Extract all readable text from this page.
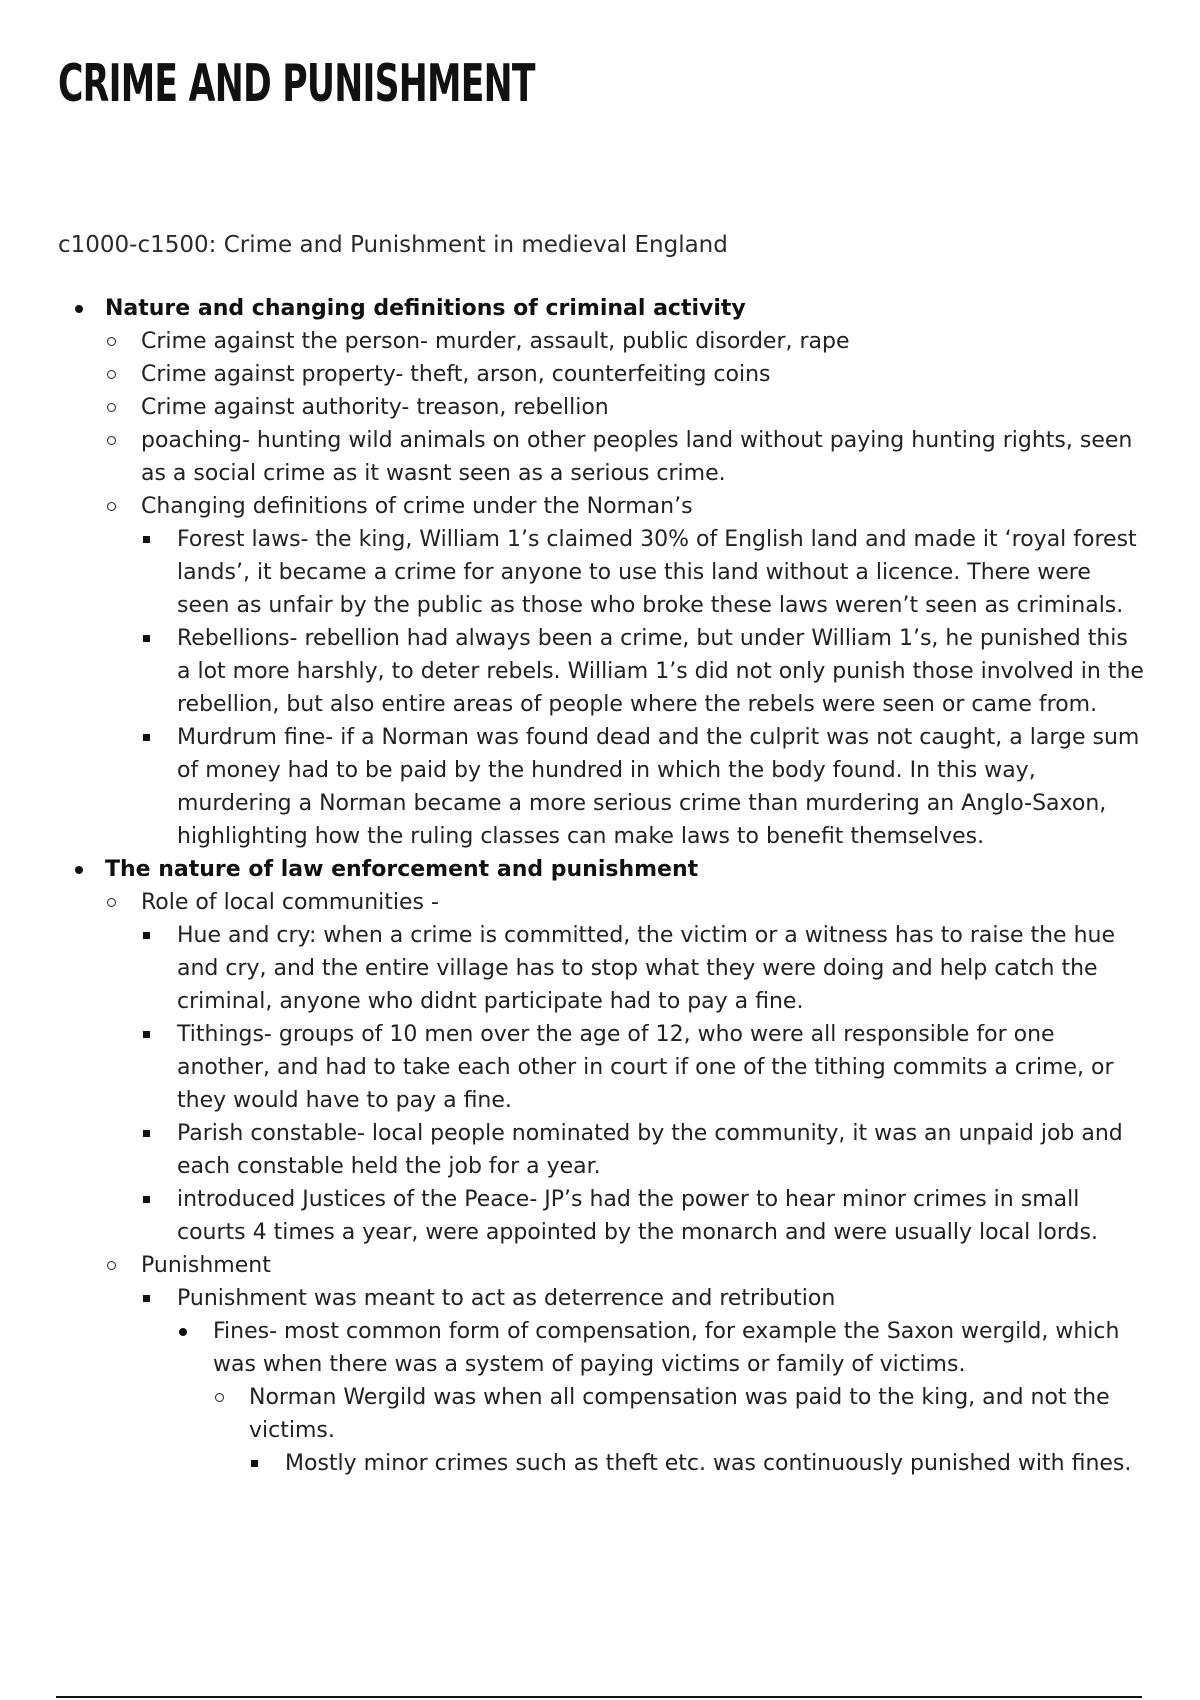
CRIME AND PUNISHMENT
c1000-c1500: Crime and Punishment in medieval England
Nature and changing definitions of criminal activity
Crime against the person- murder, assault, public disorder, rape
Crime against property- theft, arson, counterfeiting coins
Crime against authority- treason, rebellion
poaching- hunting wild animals on other peoples land without paying hunting rights, seen as a social crime as it wasnt seen as a serious crime.
Changing definitions of crime under the Norman’s
Forest laws- the king, William 1’s claimed 30% of English land and made it ‘royal forest lands’, it became a crime for anyone to use this land without a licence. There were seen as unfair by the public as those who broke these laws weren’t seen as criminals.
Rebellions- rebellion had always been a crime, but under William 1’s, he punished this a lot more harshly, to deter rebels. William 1’s did not only punish those involved in the rebellion, but also entire areas of people where the rebels were seen or came from.
Murdrum fine- if a Norman was found dead and the culprit was not caught, a large sum of money had to be paid by the hundred in which the body found. In this way, murdering a Norman became a more serious crime than murdering an Anglo-Saxon, highlighting how the ruling classes can make laws to benefit themselves.
The nature of law enforcement and punishment
Role of local communities -
Hue and cry: when a crime is committed, the victim or a witness has to raise the hue and cry, and the entire village has to stop what they were doing and help catch the criminal, anyone who didnt participate had to pay a fine.
Tithings- groups of 10 men over the age of 12, who were all responsible for one another, and had to take each other in court if one of the tithing commits a crime, or they would have to pay a fine.
Parish constable- local people nominated by the community, it was an unpaid job and each constable held the job for a year.
introduced Justices of the Peace- JP’s had the power to hear minor crimes in small courts 4 times a year, were appointed by the monarch and were usually local lords.
Punishment
Punishment was meant to act as deterrence and retribution
Fines- most common form of compensation, for example the Saxon wergild, which was when there was a system of paying victims or family of victims.
Norman Wergild was when all compensation was paid to the king, and not the victims.
Mostly minor crimes such as theft etc. was continuously punished with fines.
